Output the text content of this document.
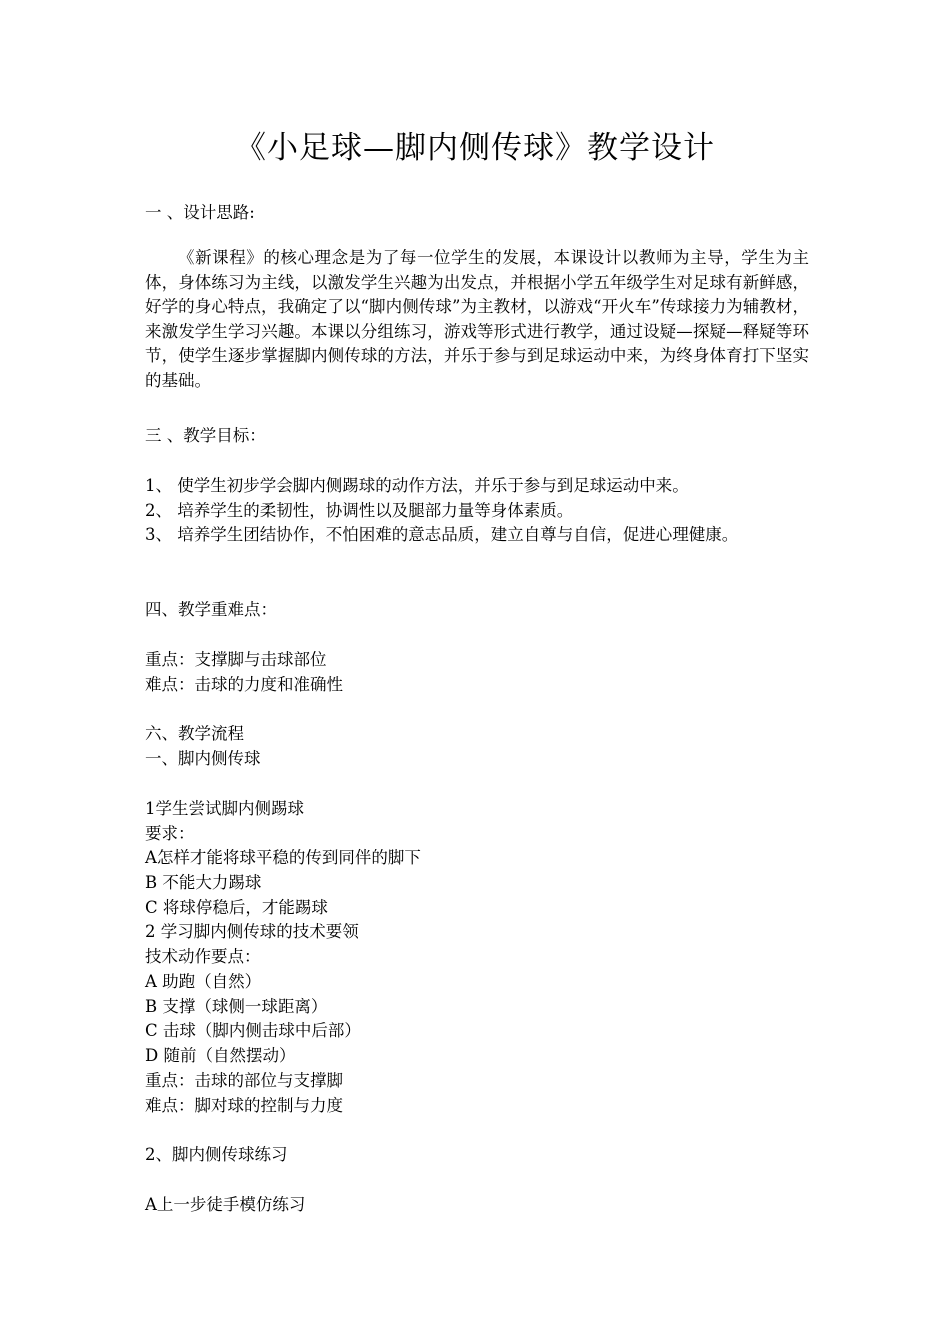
《小足球—脚内侧传球》教学设计
一 、设计思路:
《新课程》的核心理念是为了每一位学生的发展，本课设计以教师为主导，学生为主体，身体练习为主线，以激发学生兴趣为出发点，并根据小学五年级学生对足球有新鲜感，好学的身心特点，我确定了以“脚内侧传球”为主教材，以游戏“开火车”传球接力为辅教材，来激发学生学习兴趣。本课以分组练习，游戏等形式进行教学，通过设疑—探疑—释疑等环节，使学生逐步掌握脚内侧传球的方法，并乐于参与到足球运动中来，为终身体育打下坚实的基础。
三 、教学目标：
1、 使学生初步学会脚内侧踢球的动作方法，并乐于参与到足球运动中来。
2、 培养学生的柔韧性，协调性以及腿部力量等身体素质。
3、 培养学生团结协作，不怕困难的意志品质，建立自尊与自信，促进心理健康。
四、教学重难点：
重点：支撑脚与击球部位
难点：击球的力度和准确性
六、教学流程
一、脚内侧传球
1学生尝试脚内侧踢球
要求：
A怎样才能将球平稳的传到同伴的脚下
B 不能大力踢球
C 将球停稳后，才能踢球
2 学习脚内侧传球的技术要领
技术动作要点：
A 助跑（自然）
B 支撑（球侧一球距离）
C 击球（脚内侧击球中后部）
D 随前（自然摆动）
重点：击球的部位与支撑脚
难点：脚对球的控制与力度
2、脚内侧传球练习
A上一步徒手模仿练习
